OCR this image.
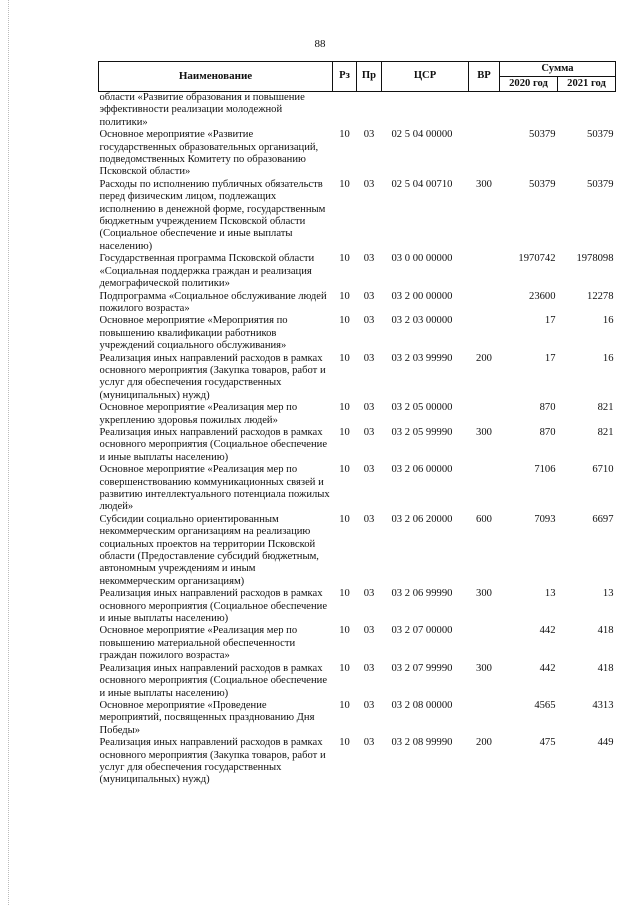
88
Наименование	Рз	Пр	ЦСР	ВР	Сумма	
					2020 год	2021 год
области «Развитие образования и повышение эффективности реализации молодежной политики»						
Основное мероприятие «Развитие государственных образовательных организаций, подведомственных Комитету по образованию Псковской области»	10	03	02 5 04 00000		50379	50379
Расходы по исполнению публичных обязательств перед физическим лицом, подлежащих исполнению в денежной форме, государственным бюджетным учреждением Псковской области (Социальное обеспечение и иные выплаты населению)	10	03	02 5 04 00710	300	50379	50379
Государственная программа Псковской области «Социальная поддержка граждан и реализация демографической политики»	10	03	03 0 00 00000		1970742	1978098
Подпрограмма «Социальное обслуживание людей пожилого возраста»	10	03	03 2 00 00000		23600	12278
Основное мероприятие «Мероприятия по повышению квалификации работников учреждений социального обслуживания»	10	03	03 2 03 00000		17	16
Реализация иных направлений расходов в рамках основного мероприятия (Закупка товаров, работ и услуг для обеспечения государственных (муниципальных) нужд)	10	03	03 2 03 99990	200	17	16
Основное мероприятие «Реализация мер по укреплению здоровья пожилых людей»	10	03	03 2 05 00000		870	821
Реализация иных направлений расходов в рамках основного мероприятия (Социальное обеспечение и иные выплаты населению)	10	03	03 2 05 99990	300	870	821
Основное мероприятие «Реализация мер по совершенствованию коммуникационных связей и развитию интеллектуального потенциала пожилых людей»	10	03	03 2 06 00000		7106	6710
Субсидии социально ориентированным некоммерческим организациям на реализацию социальных проектов на территории Псковской области (Предоставление субсидий бюджетным, автономным учреждениям и иным некоммерческим организациям)	10	03	03 2 06 20000	600	7093	6697
Реализация иных направлений расходов в рамках основного мероприятия (Социальное обеспечение и иные выплаты населению)	10	03	03 2 06 99990	300	13	13
Основное мероприятие «Реализация мер по повышению материальной обеспеченности граждан пожилого возраста»	10	03	03 2 07 00000		442	418
Реализация иных направлений расходов в рамках основного мероприятия (Социальное обеспечение и иные выплаты населению)	10	03	03 2 07 99990	300	442	418
Основное мероприятие «Проведение мероприятий, посвященных празднованию Дня Победы»	10	03	03 2 08 00000		4565	4313
Реализация иных направлений расходов в рамках основного мероприятия (Закупка товаров, работ и услуг для обеспечения государственных (муниципальных) нужд)	10	03	03 2 08 99990	200	475	449
